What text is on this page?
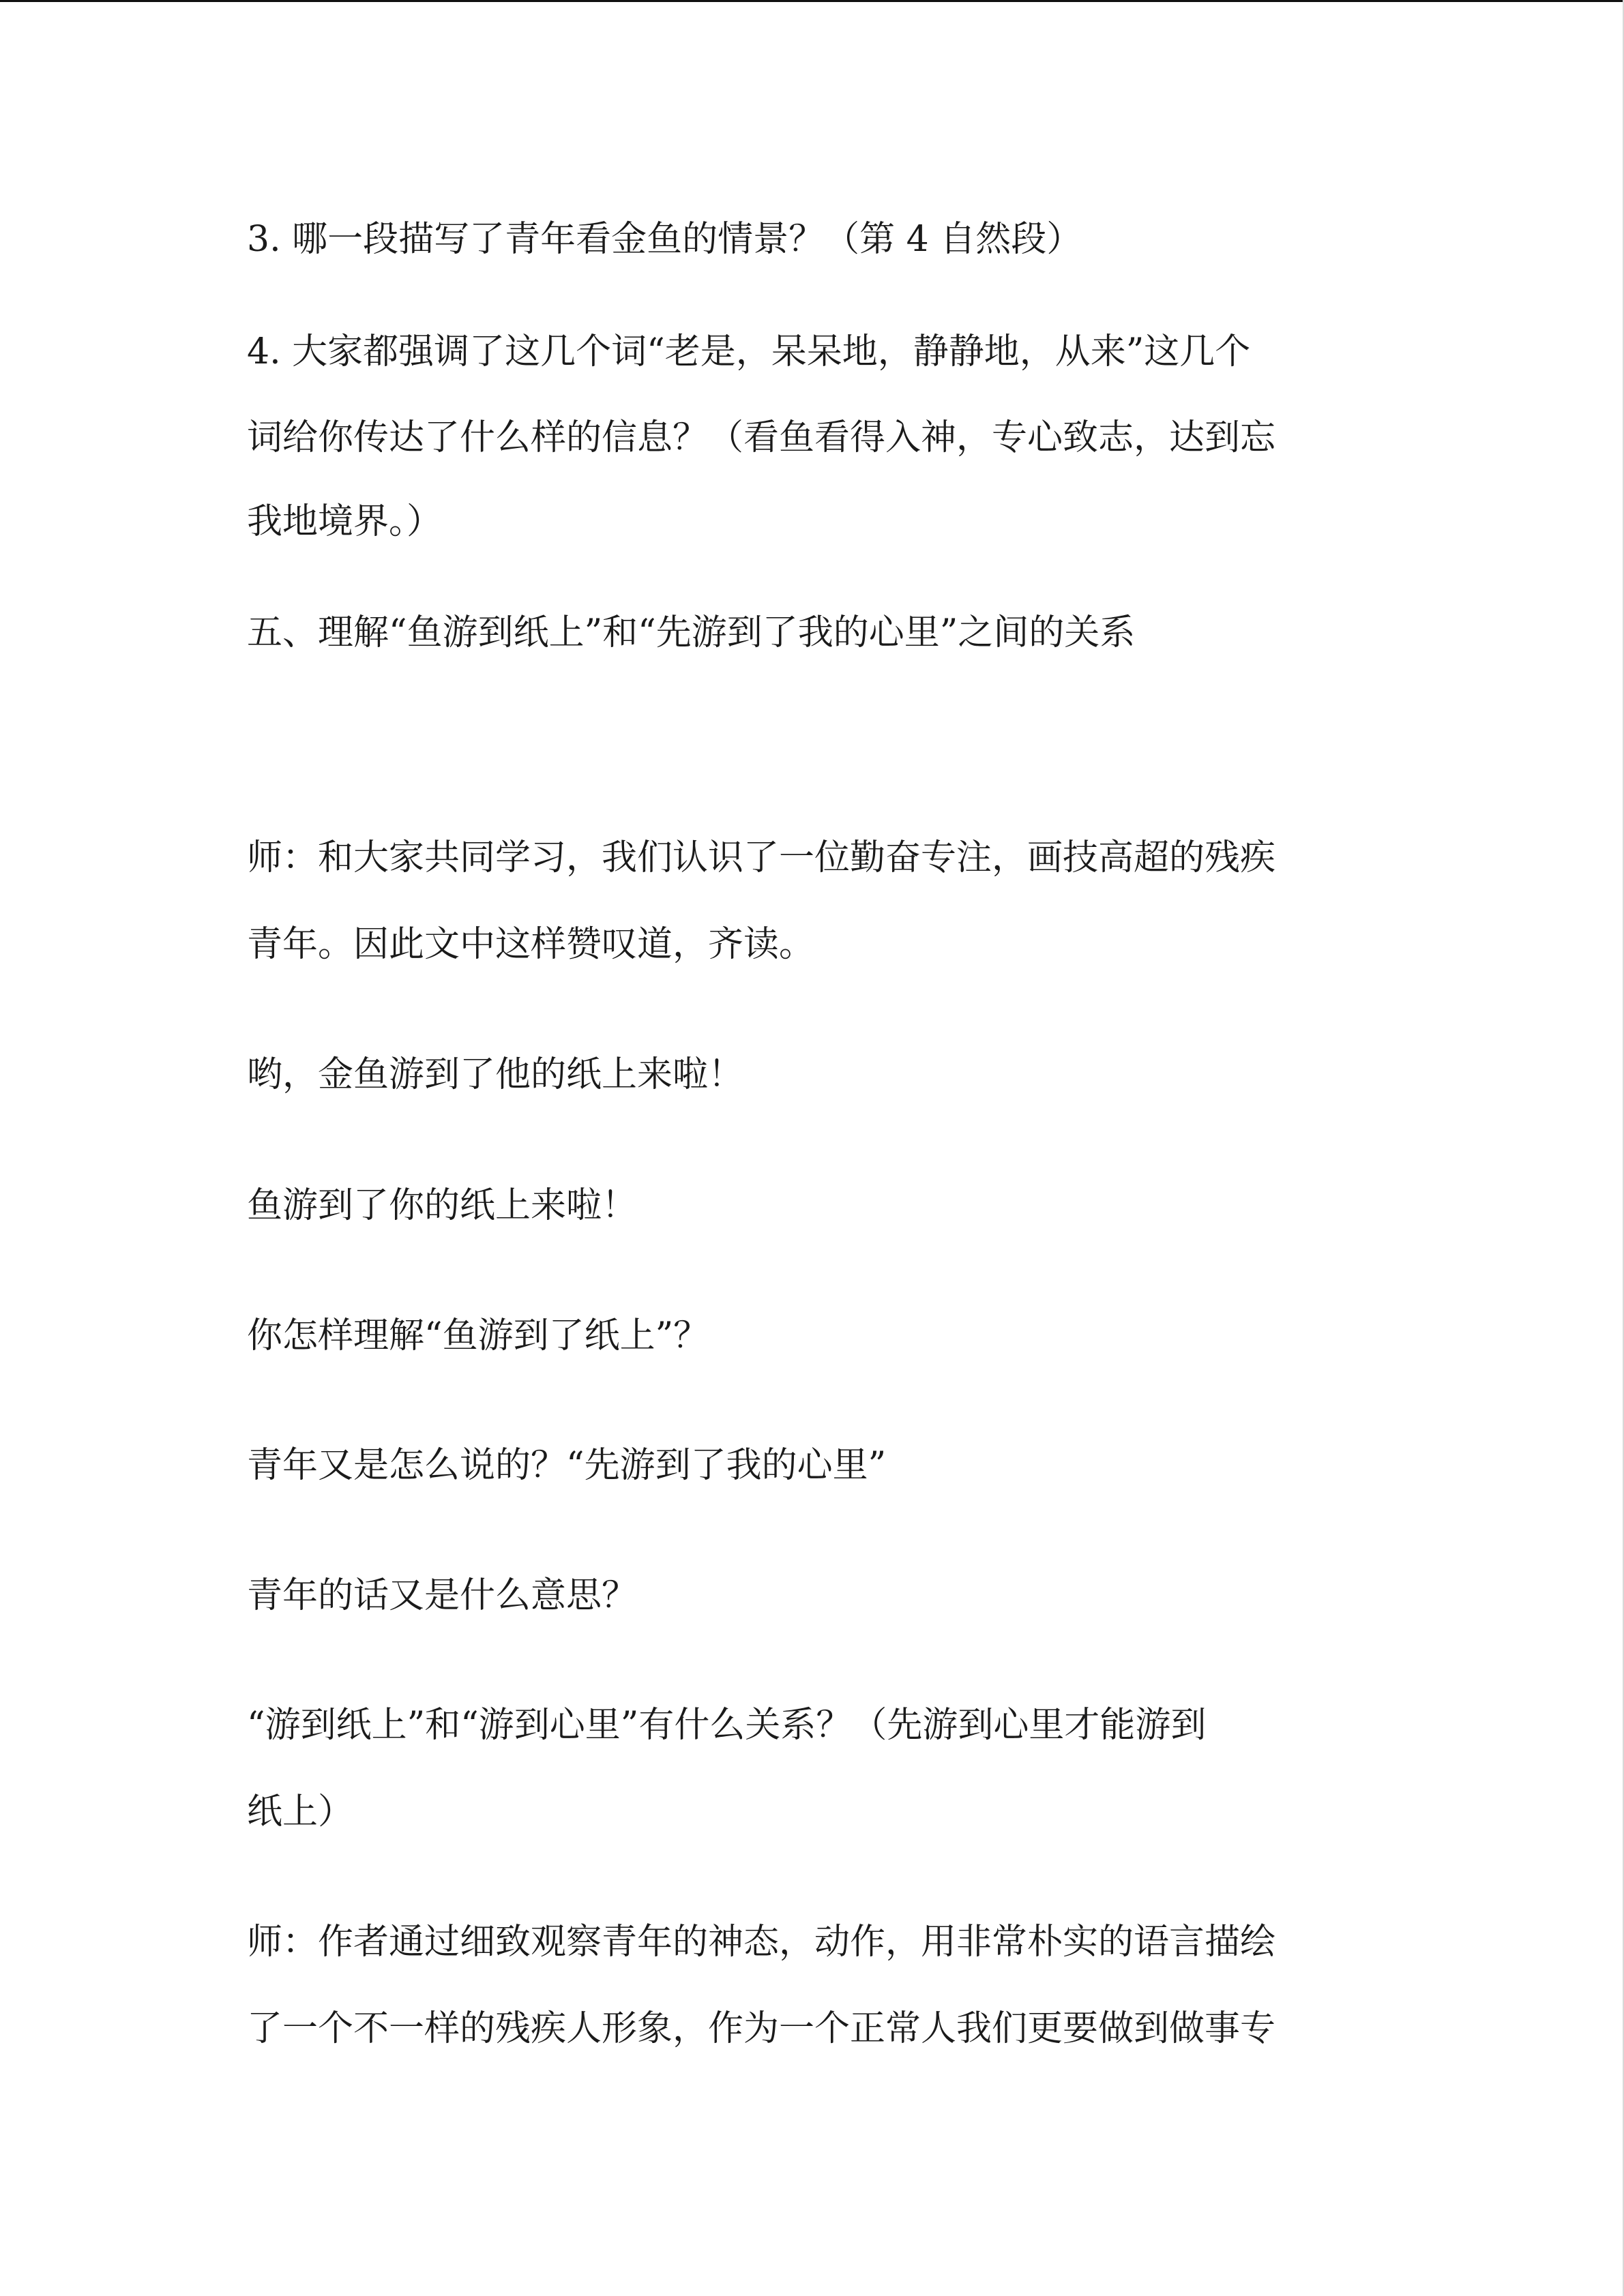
3. 哪一段描写了青年看金鱼的情景？（第 4 自然段）
4. 大家都强调了这几个词“老是，呆呆地，静静地，从来”这几个
词给你传达了什么样的信息？（看鱼看得入神，专心致志，达到忘
我地境界。）
五、理解“鱼游到纸上”和“先游到了我的心里”之间的关系
师：和大家共同学习，我们认识了一位勤奋专注，画技高超的残疾
青年。因此文中这样赞叹道，齐读。
哟，金鱼游到了他的纸上来啦！
鱼游到了你的纸上来啦！
你怎样理解“鱼游到了纸上”？
青年又是怎么说的？“先游到了我的心里”
青年的话又是什么意思？
“游到纸上”和“游到心里”有什么关系？（先游到心里才能游到
纸上）
师：作者通过细致观察青年的神态，动作，用非常朴实的语言描绘
了一个不一样的残疾人形象，作为一个正常人我们更要做到做事专
